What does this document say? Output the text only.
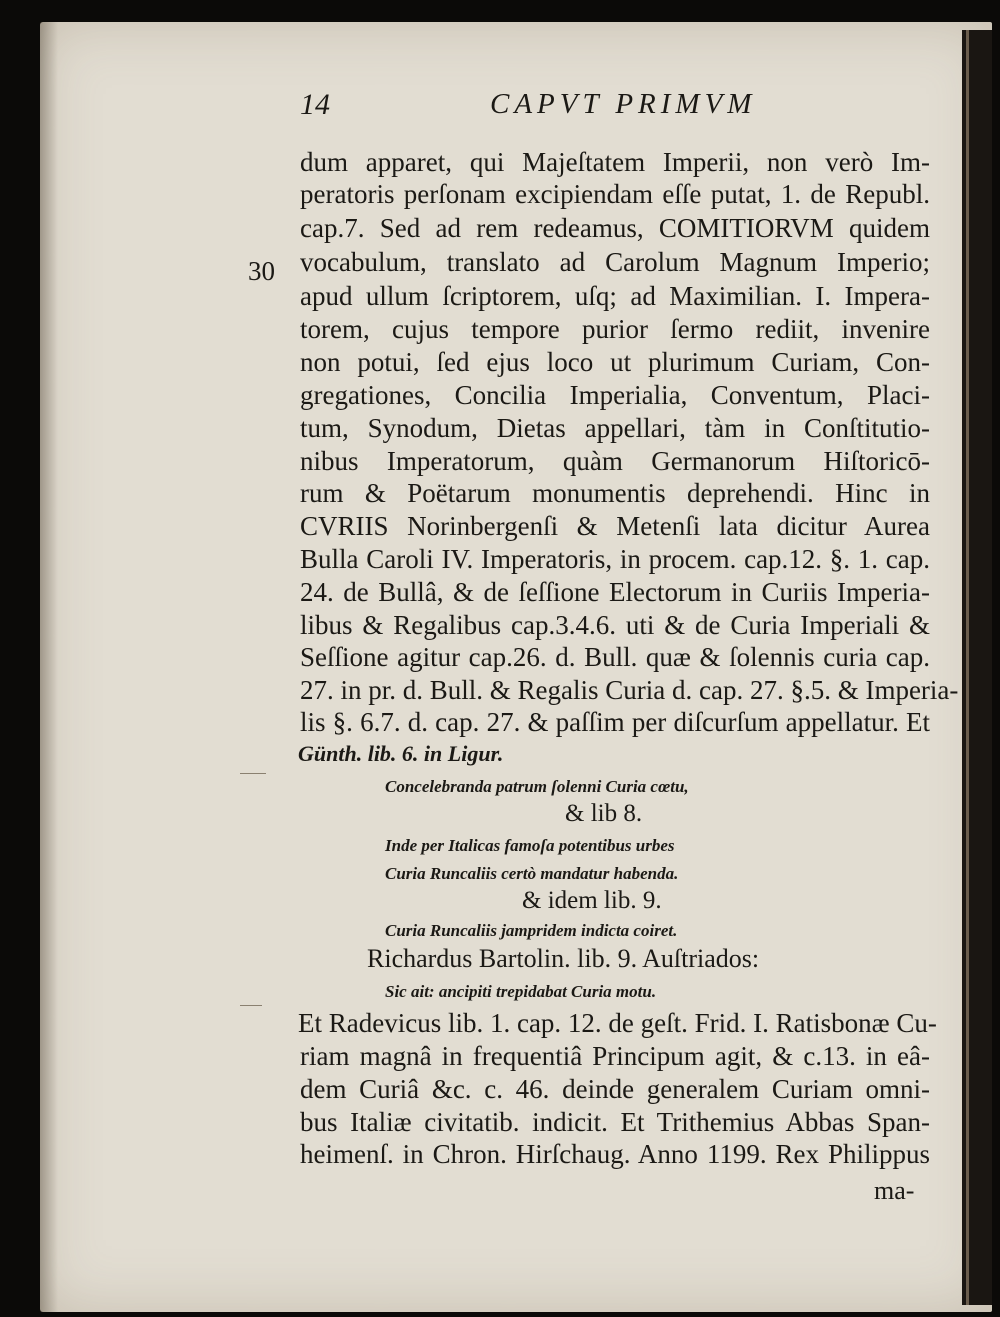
14	CAPVT PRIMVM
30
dum apparet, qui Majeſtatem Imperii, non verò Im-
peratoris perſonam excipiendam eſſe putat, 1. de Republ.
cap.7. Sed ad rem redeamus, COMITIORVM quidem
vocabulum, translato ad Carolum Magnum Imperio;
apud ullum ſcriptorem, uſq; ad Maximilian. I. Impera-
torem, cujus tempore purior ſermo rediit, invenire
non potui, ſed ejus loco ut plurimum Curiam, Con-
gregationes, Concilia Imperialia, Conventum, Placi-
tum, Synodum, Dietas appellari, tàm in Conſtitutio-
nibus Imperatorum, quàm Germanorum Hiſtoricō-
rum & Poëtarum monumentis deprehendi. Hinc in
CVRIIS Norinbergenſi & Metenſi lata dicitur Aurea
Bulla Caroli IV. Imperatoris, in procem. cap.12. §. 1. cap.
24. de Bullâ, & de ſeſſione Electorum in Curiis Imperia-
libus & Regalibus cap.3.4.6. uti & de Curia Imperiali &
Seſſione agitur cap.26. d. Bull. quæ & ſolennis curia cap.
27. in pr. d. Bull. & Regalis Curia d. cap. 27. §.5. & Imperia-
lis §. 6.7. d. cap. 27. & paſſim per diſcurſum appellatur. Et
Günth. lib. 6. in Ligur.
Concelebranda patrum ſolenni Curia cœtu,
& lib 8.
Inde per Italicas famoſa potentibus urbes
Curia Runcaliis certò mandatur habenda.
& idem lib. 9.
Curia Runcaliis jampridem indicta coiret.
Richardus Bartolin. lib. 9. Auſtriados:
Sic ait: ancipiti trepidabat Curia motu.
Et Radevicus lib. 1. cap. 12. de geſt. Frid. I. Ratisbonæ Cu-
riam magnâ in frequentiâ Principum agit, & c.13. in eâ-
dem Curiâ &c. c. 46. deinde generalem Curiam omni-
bus Italiæ civitatib. indicit. Et Trithemius Abbas Span-
heimenſ. in Chron. Hirſchaug. Anno 1199. Rex Philippus
ma-
